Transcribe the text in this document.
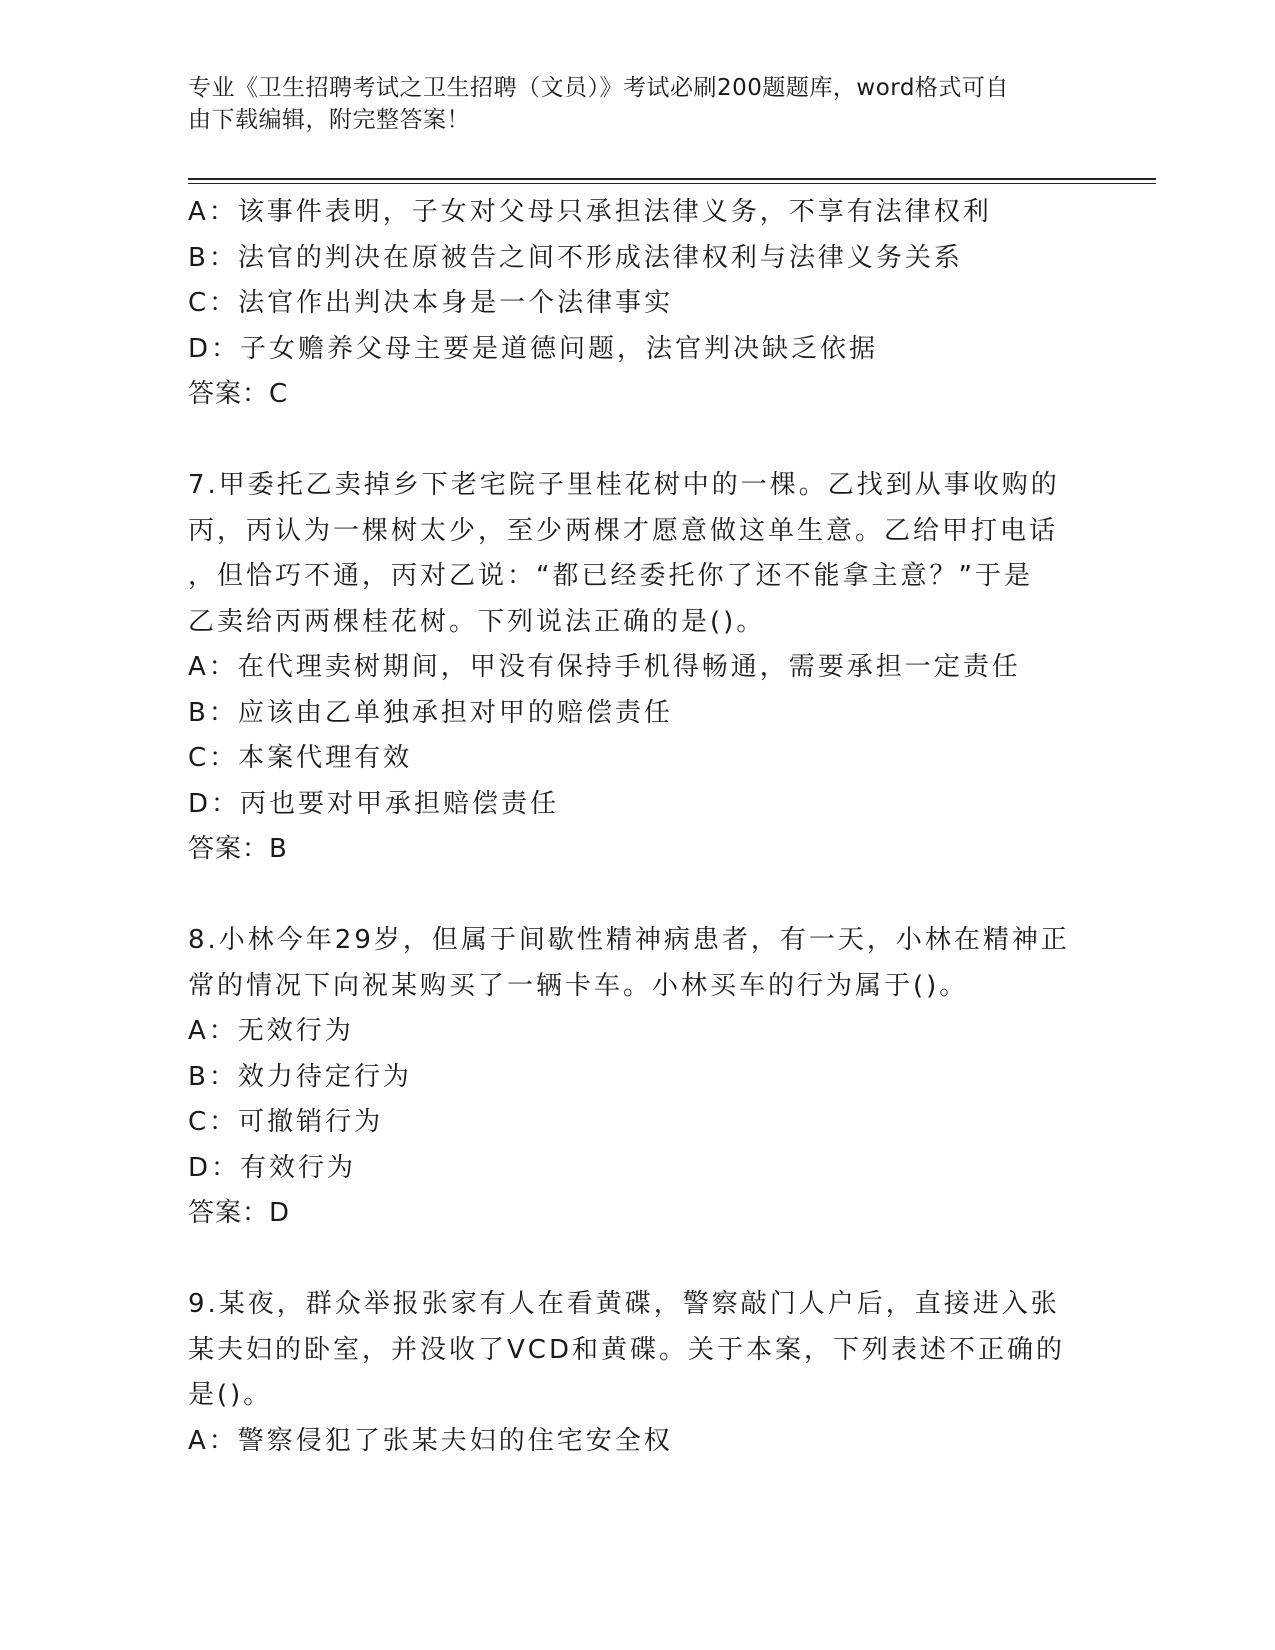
专业《卫生招聘考试之卫生招聘（文员）》考试必刷200题题库，word格式可自
由下载编辑，附完整答案！
A：该事件表明，子女对父母只承担法律义务，不享有法律权利
B：法官的判决在原被告之间不形成法律权利与法律义务关系
C：法官作出判决本身是一个法律事实
D：子女赡养父母主要是道德问题，法官判决缺乏依据
答案：C
7.甲委托乙卖掉乡下老宅院子里桂花树中的一棵。乙找到从事收购的
丙，丙认为一棵树太少，至少两棵才愿意做这单生意。乙给甲打电话
，但恰巧不通，丙对乙说：“都已经委托你了还不能拿主意？”于是
乙卖给丙两棵桂花树。下列说法正确的是()。
A：在代理卖树期间，甲没有保持手机得畅通，需要承担一定责任
B：应该由乙单独承担对甲的赔偿责任
C：本案代理有效
D：丙也要对甲承担赔偿责任
答案：B
8.小林今年29岁，但属于间歇性精神病患者，有一天，小林在精神正
常的情况下向祝某购买了一辆卡车。小林买车的行为属于()。
A：无效行为
B：效力待定行为
C：可撤销行为
D：有效行为
答案：D
9.某夜，群众举报张家有人在看黄碟，警察敲门人户后，直接进入张
某夫妇的卧室，并没收了VCD和黄碟。关于本案，下列表述不正确的
是()。
A：警察侵犯了张某夫妇的住宅安全权
